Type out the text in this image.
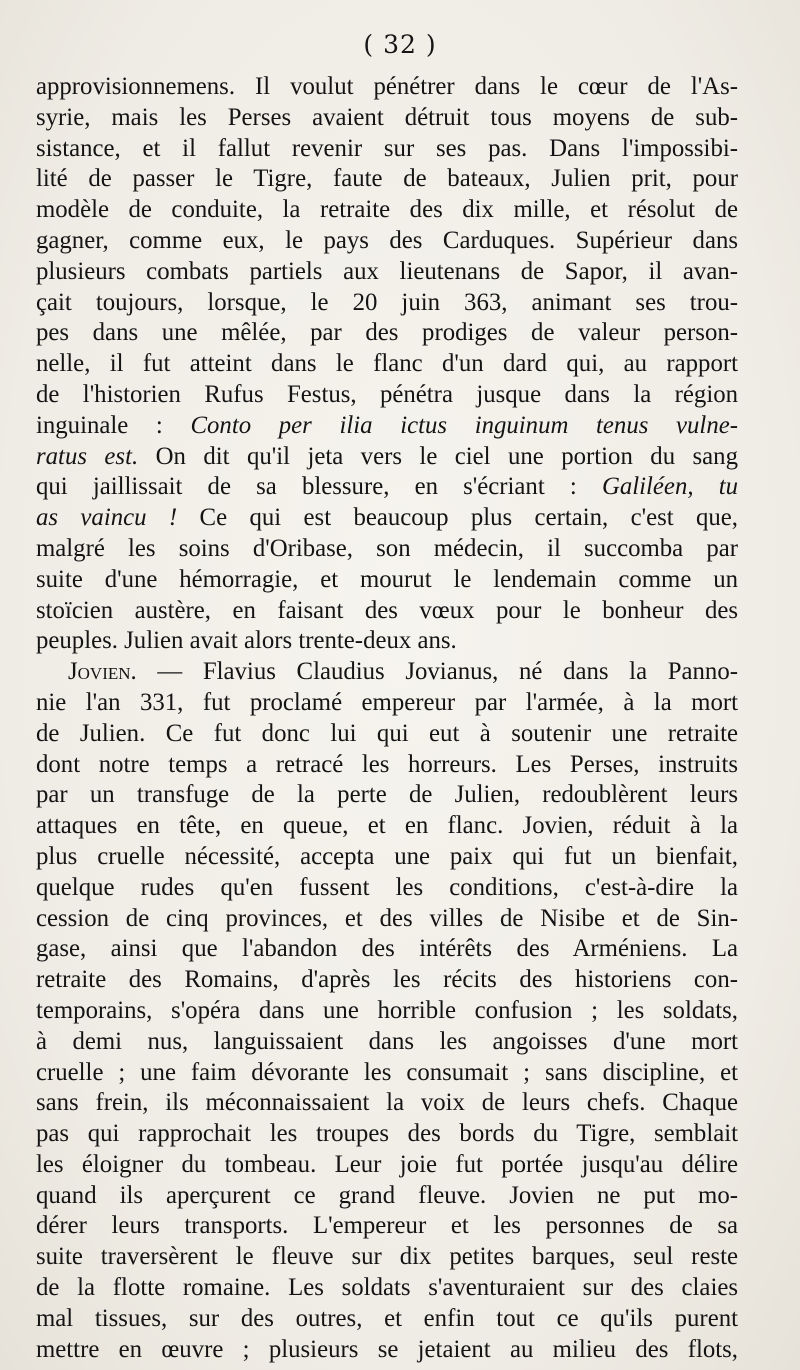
( 32 )
approvisionnemens. Il voulut pénétrer dans le cœur de l'As-
syrie, mais les Perses avaient détruit tous moyens de sub-
sistance, et il fallut revenir sur ses pas. Dans l'impossibi-
lité de passer le Tigre, faute de bateaux, Julien prit, pour
modèle de conduite, la retraite des dix mille, et résolut de
gagner, comme eux, le pays des Carduques. Supérieur dans
plusieurs combats partiels aux lieutenans de Sapor, il avan-
çait toujours, lorsque, le 20 juin 363, animant ses trou-
pes dans une mêlée, par des prodiges de valeur person-
nelle, il fut atteint dans le flanc d'un dard qui, au rapport
de l'historien Rufus Festus, pénétra jusque dans la région
inguinale : Conto per ilia ictus inguinum tenus vulne-
ratus est. On dit qu'il jeta vers le ciel une portion du sang
qui jaillissait de sa blessure, en s'écriant : Galiléen, tu
as vaincu ! Ce qui est beaucoup plus certain, c'est que,
malgré les soins d'Oribase, son médecin, il succomba par
suite d'une hémorragie, et mourut le lendemain comme un
stoïcien austère, en faisant des vœux pour le bonheur des
peuples. Julien avait alors trente-deux ans.
Jovien. — Flavius Claudius Jovianus, né dans la Panno-
nie l'an 331, fut proclamé empereur par l'armée, à la mort
de Julien. Ce fut donc lui qui eut à soutenir une retraite
dont notre temps a retracé les horreurs. Les Perses, instruits
par un transfuge de la perte de Julien, redoublèrent leurs
attaques en tête, en queue, et en flanc. Jovien, réduit à la
plus cruelle nécessité, accepta une paix qui fut un bienfait,
quelque rudes qu'en fussent les conditions, c'est-à-dire la
cession de cinq provinces, et des villes de Nisibe et de Sin-
gase, ainsi que l'abandon des intérêts des Arméniens. La
retraite des Romains, d'après les récits des historiens con-
temporains, s'opéra dans une horrible confusion ; les soldats,
à demi nus, languissaient dans les angoisses d'une mort
cruelle ; une faim dévorante les consumait ; sans discipline, et
sans frein, ils méconnaissaient la voix de leurs chefs. Chaque
pas qui rapprochait les troupes des bords du Tigre, semblait
les éloigner du tombeau. Leur joie fut portée jusqu'au délire
quand ils aperçurent ce grand fleuve. Jovien ne put mo-
dérer leurs transports. L'empereur et les personnes de sa
suite traversèrent le fleuve sur dix petites barques, seul reste
de la flotte romaine. Les soldats s'aventuraient sur des claies
mal tissues, sur des outres, et enfin tout ce qu'ils purent
mettre en œuvre ; plusieurs se jetaient au milieu des flots,
